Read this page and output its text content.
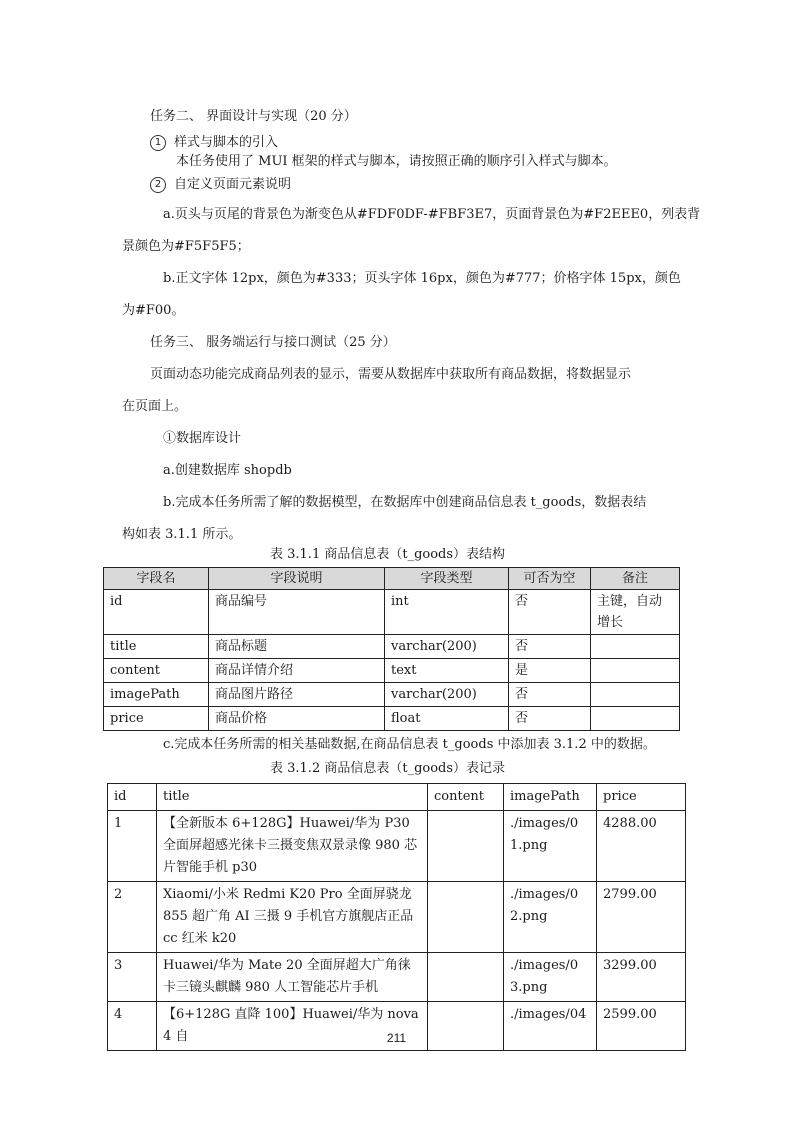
任务二、 界面设计与实现（20 分）
1 样式与脚本的引入
本任务使用了 MUI 框架的样式与脚本，请按照正确的顺序引入样式与脚本。
2 自定义页面元素说明
a.页头与页尾的背景色为渐变色从#FDF0DF-#FBF3E7，页面背景色为#F2EEE0，列表背
景颜色为#F5F5F5；
b.正文字体 12px，颜色为#333；页头字体 16px，颜色为#777；价格字体 15px，颜色
为#F00。
任务三、 服务端运行与接口测试（25 分）
页面动态功能完成商品列表的显示，需要从数据库中获取所有商品数据，将数据显示
在页面上。
①数据库设计
a.创建数据库 shopdb
b.完成本任务所需了解的数据模型，在数据库中创建商品信息表 t_goods，数据表结
构如表 3.1.1 所示。
表 3.1.1 商品信息表（t_goods）表结构
字段名	字段说明	字段类型	可否为空	备注
id	商品编号	int	否	主键，自动增长
title	商品标题	varchar(200)	否	
content	商品详情介绍	text	是	
imagePath	商品图片路径	varchar(200)	否	
price	商品价格	float	否	
c.完成本任务所需的相关基础数据,在商品信息表 t_goods 中添加表 3.1.2 中的数据。
表 3.1.2 商品信息表（t_goods）表记录
id	title	content	imagePath	price
1	【全新版本 6+128G】Huawei/华为 P30 全面屏超感光徕卡三摄变焦双景录像 980 芯片智能手机 p30		./images/01.png	4288.00
2	Xiaomi/小米 Redmi K20 Pro 全面屏骁龙 855 超广角 AI 三摄 9 手机官方旗舰店正品 cc 红米 k20		./images/02.png	2799.00
3	Huawei/华为 Mate 20 全面屏超大广角徕卡三镜头麒麟 980 人工智能芯片手机		./images/03.png	3299.00
4	【6+128G 直降 100】Huawei/华为 nova 4 自		./images/04	2599.00
211
